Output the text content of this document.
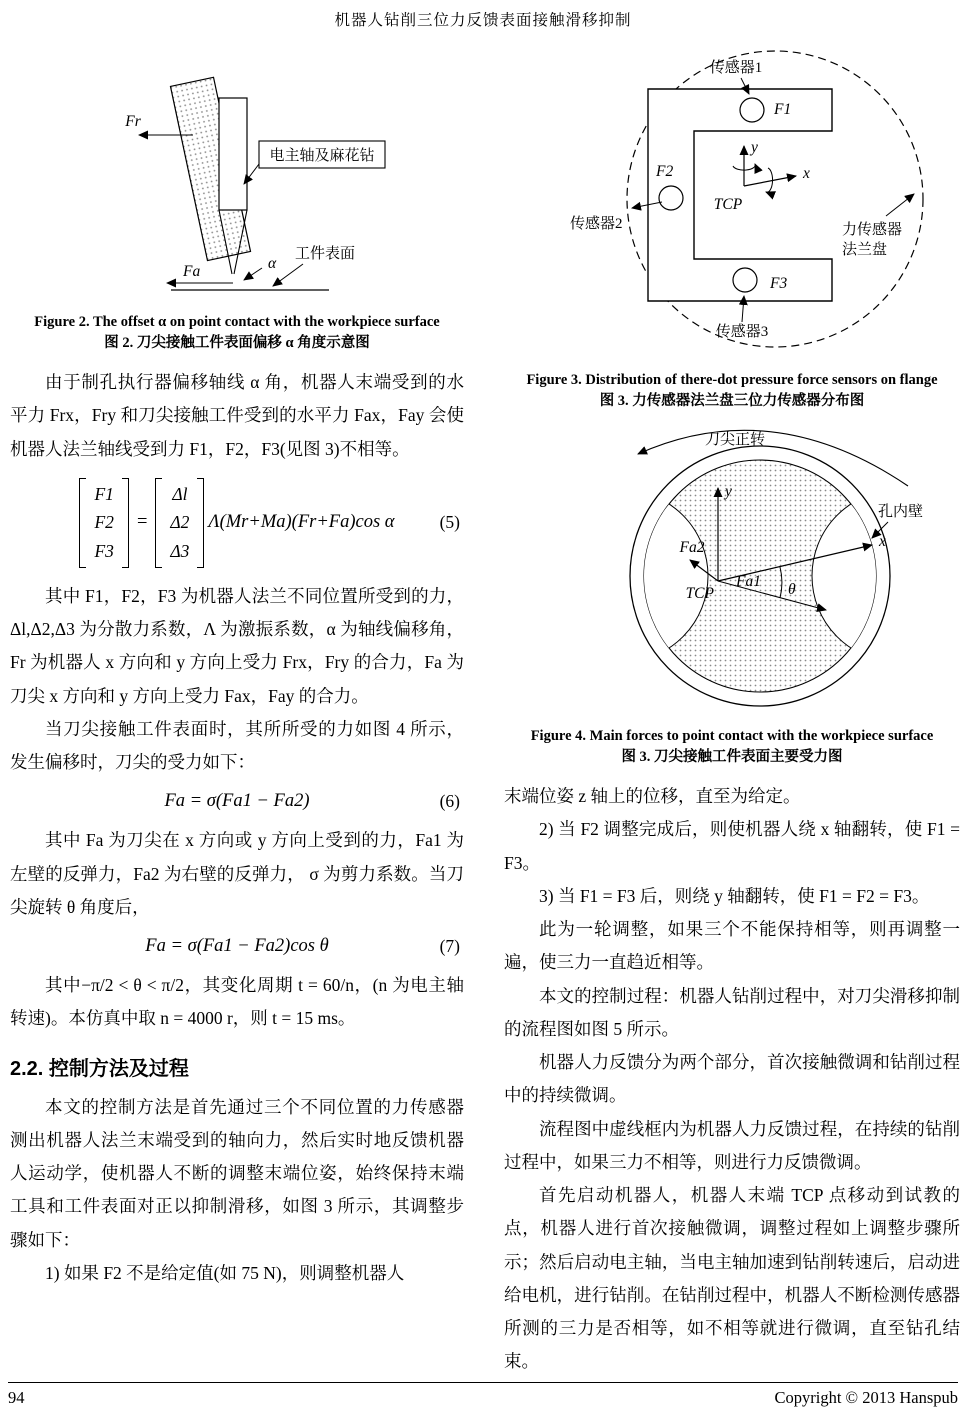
机器人钻削三位力反馈表面接触滑移抑制
Fr
电主轴及麻花钻
α
工件表面
Fa
Figure 2. The offset α on point contact with the workpiece surface
图 2. 刀尖接触工件表面偏移 α 角度示意图

由于制孔执行器偏移轴线 α 角，机器人末端受到的水平力 Frx，Fry 和刀尖接触工件受到的水平力 Fax，Fay 会使机器人法兰轴线受到力 F1，F2，F3(见图 3)不相等。

F1
F2
F3
=
Δl
Δ2
Δ3
Λ(Mr+Ma)(Fr+Fa)cos α	(5)

其中 F1，F2，F3 为机器人法兰不同位置所受到的力，Δl,Δ2,Δ3 为分散力系数，Λ 为激振系数，α 为轴线偏移角，Fr 为机器人 x 方向和 y 方向上受力 Frx，Fry 的合力，Fa 为刀尖 x 方向和 y 方向上受力 Fax，Fay 的合力。

当刀尖接触工件表面时，其所所受的力如图 4 所示，发生偏移时，刀尖的受力如下：

Fa = σ(Fa1 − Fa2)	(6)

其中 Fa 为刀尖在 x 方向或 y 方向上受到的力，Fa1 为左壁的反弹力，Fa2 为右壁的反弹力， σ 为剪力系数。当刀尖旋转 θ 角度后，

Fa = σ(Fa1 − Fa2)cos θ	(7)

其中−π/2 < θ < π/2，其变化周期 t = 60/n，(n 为电主轴转速)。本仿真中取 n = 4000 r，则 t = 15 ms。

2.2. 控制方法及过程

本文的控制方法是首先通过三个不同位置的力传感器测出机器人法兰末端受到的轴向力，然后实时地反馈机器人运动学，使机器人不断的调整末端位姿，始终保持末端工具和工件表面对正以抑制滑移，如图 3 所示，其调整步骤如下：

1) 如果 F2 不是给定值(如 75 N)，则调整机器人

传感器1
F1
F2
传感器2
y
x
TCP
F3
传感器3
力传感器
法兰盘
Figure 3. Distribution of there-dot pressure force sensors on flange
图 3. 力传感器法兰盘三位力传感器分布图
刀尖正转
孔内壁
y
x
Fa2
Fa1 θ
TCP
Figure 4. Main forces to point contact with the workpiece surface
图 3. 刀尖接触工件表面主要受力图

末端位姿 z 轴上的位移，直至为给定。

2) 当 F2 调整完成后，则使机器人绕 x 轴翻转，使 F1 = F3。

3) 当 F1 = F3 后，则绕 y 轴翻转，使 F1 = F2 = F3。

此为一轮调整，如果三个不能保持相等，则再调整一遍，使三力一直趋近相等。

本文的控制过程：机器人钻削过程中，对刀尖滑移抑制的流程图如图 5 所示。

机器人力反馈分为两个部分，首次接触微调和钻削过程中的持续微调。

流程图中虚线框内为机器人力反馈过程，在持续的钻削过程中，如果三力不相等，则进行力反馈微调。

首先启动机器人，机器人末端 TCP 点移动到试教的点，机器人进行首次接触微调，调整过程如上调整步骤所示；然后启动电主轴，当电主轴加速到钻削转速后，启动进给电机，进行钻削。在钻削过程中，机器人不断检测传感器所测的三力是否相等，如不相等就进行微调，直至钻孔结束。

94	Copyright © 2013 Hanspub
